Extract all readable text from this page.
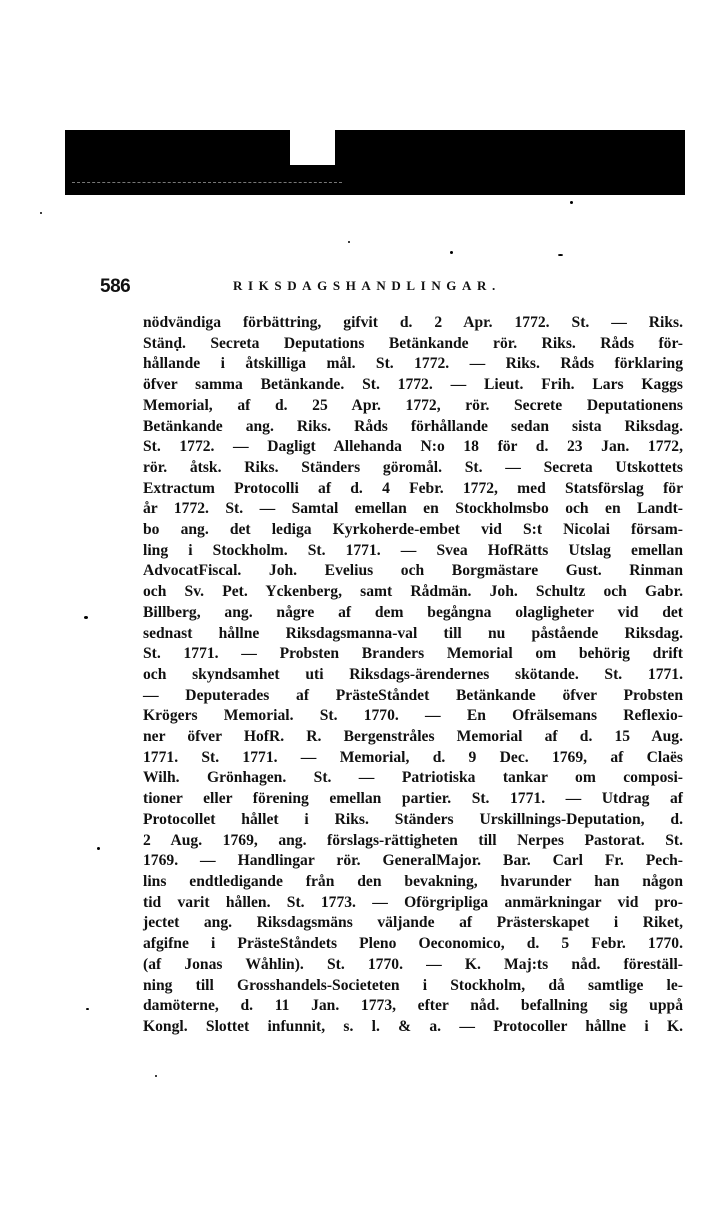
586	RIKSDAGSHANDLINGAR.
nödvändiga förbättring, gifvit d. 2 Apr. 1772. St. — Riks.
Stänḍ. Secreta Deputations Betänkande rör. Riks. Råds för-
hållande i åtskilliga mål. St. 1772. — Riks. Råds förklaring
öfver samma Betänkande. St. 1772. — Lieut. Frih. Lars Kaggs
Memorial, af d. 25 Apr. 1772, rör. Secrete Deputationens
Betänkande ang. Riks. Råds förhållande sedan sista Riksdag.
St. 1772. — Dagligt Allehanda N:o 18 för d. 23 Jan. 1772,
rör. åtsk. Riks. Ständers göromål. St. — Secreta Utskottets
Extractum Protocolli af d. 4 Febr. 1772, med Statsförslag för
år 1772. St. — Samtal emellan en Stockholmsbo och en Landt-
bo ang. det lediga Kyrkoherde-embet vid S:t Nicolai försam-
ling i Stockholm. St. 1771. — Svea HofRätts Utslag emellan
AdvocatFiscal. Joh. Evelius och Borgmästare Gust. Rinman
och Sv. Pet. Yckenberg, samt Rådmän. Joh. Schultz och Gabr.
Billberg, ang. någre af dem begångna olagligheter vid det
sednast hållne Riksdagsmanna-val till nu påstående Riksdag.
St. 1771. — Probsten Branders Memorial om behörig drift
och skyndsamhet uti Riksdags-ärendernes skötande. St. 1771.
— Deputerades af PrästeStåndet Betänkande öfver Probsten
Krögers Memorial. St. 1770. — En Ofrälsemans Reflexio-
ner öfver HofR. R. Bergenstråles Memorial af d. 15 Aug.
1771. St. 1771. — Memorial, d. 9 Dec. 1769, af Claës
Wilh. Grönhagen. St. — Patriotiska tankar om composi-
tioner eller förening emellan partier. St. 1771. — Utdrag af
Protocollet hållet i Riks. Ständers Urskillnings-Deputation, d.
2 Aug. 1769, ang. förslags-rättigheten till Nerpes Pastorat. St.
1769. — Handlingar rör. GeneralMajor. Bar. Carl Fr. Pech-
lins endtledigande från den bevakning, hvarunder han någon
tid varit hållen. St. 1773. — Oförgripliga anmärkningar vid pro-
jectet ang. Riksdagsmäns väljande af Prästerskapet i Riket,
afgifne i PrästeStåndets Pleno Oeconomico, d. 5 Febr. 1770.
(af Jonas Wåhlin). St. 1770. — K. Maj:ts nåd. föreställ-
ning till Grosshandels-Societeten i Stockholm, då samtlige le-
damöterne, d. 11 Jan. 1773, efter nåd. befallning sig uppå
Kongl. Slottet infunnit, s. l. & a. — Protocoller hållne i K.
